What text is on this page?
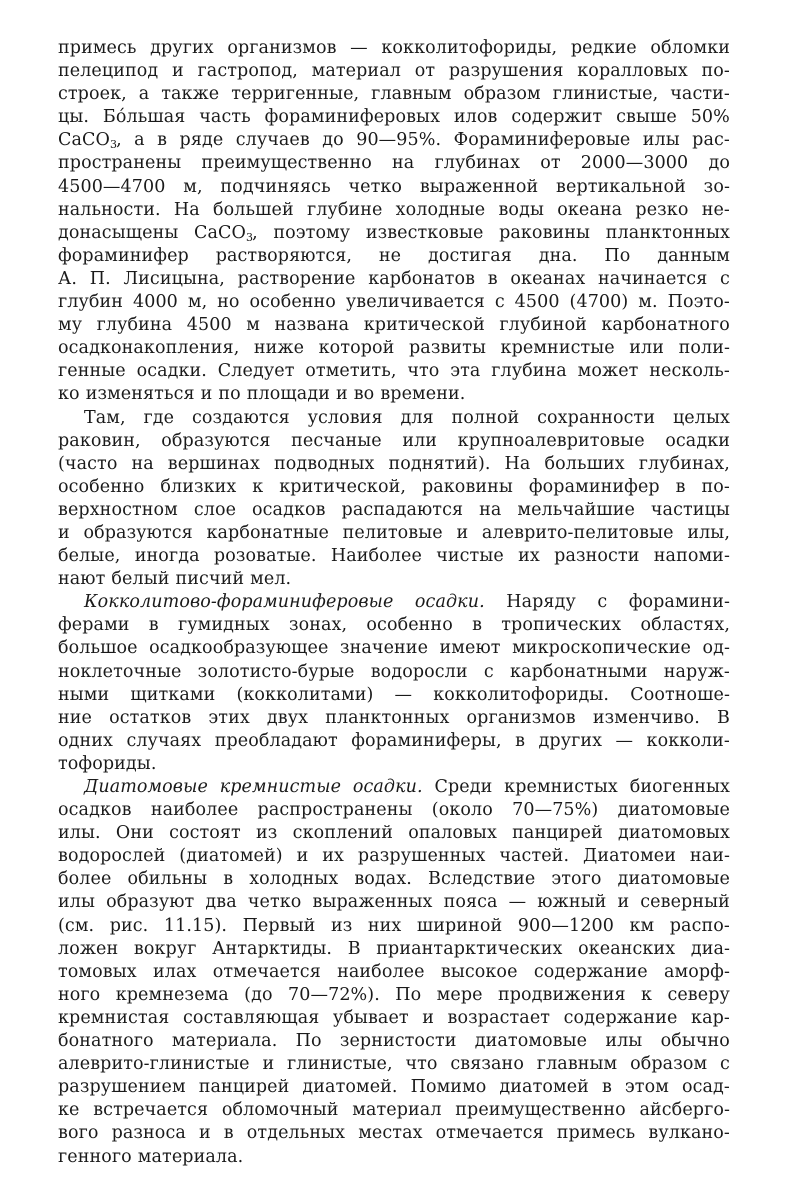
примесь других организмов — кокколитофориды, редкие обломки
пелеципод и гастропод, материал от разрушения коралловых по-
строек, а также терригенные, главным образом глинистые, части-
цы. Бо́льшая часть фораминиферовых илов содержит свыше 50%
CaCO$_3$, а в ряде случаев до 90—95%. Фораминиферовые илы рас-
пространены преимущественно на глубинах от 2000—3000 до
4500—4700 м, подчиняясь четко выраженной вертикальной зо-
нальности. На большей глубине холодные воды океана резко не-
донасыщены CaCO$_3$, поэтому известковые раковины планктонных
фораминифер растворяются, не достигая дна. По данным
А. П. Лисицына, растворение карбонатов в океанах начинается с
глубин 4000 м, но особенно увеличивается с 4500 (4700) м. Поэто-
му глубина 4500 м названа критической глубиной карбонатного
осадконакопления, ниже которой развиты кремнистые или поли-
генные осадки. Следует отметить, что эта глубина может несколь-
ко изменяться и по площади и во времени.
Там, где создаются условия для полной сохранности целых
раковин, образуются песчаные или крупноалевритовые осадки
(часто на вершинах подводных поднятий). На больших глубинах,
особенно близких к критической, раковины фораминифер в по-
верхностном слое осадков распадаются на мельчайшие частицы
и образуются карбонатные пелитовые и алеврито-пелитовые илы,
белые, иногда розоватые. Наиболее чистые их разности напоми-
нают белый писчий мел.
Кокколитово-фораминиферовые осадки. Наряду с форамини-
ферами в гумидных зонах, особенно в тропических областях,
большое осадкообразующее значение имеют микроскопические од-
ноклеточные золотисто-бурые водоросли с карбонатными наруж-
ными щитками (кокколитами) — кокколитофориды. Соотноше-
ние остатков этих двух планктонных организмов изменчиво. В
одних случаях преобладают фораминиферы, в других — кокколи-
тофориды.
Диатомовые кремнистые осадки. Среди кремнистых биогенных
осадков наиболее распространены (около 70—75%) диатомовые
илы. Они состоят из скоплений опаловых панцирей диатомовых
водорослей (диатомей) и их разрушенных частей. Диатомеи наи-
более обильны в холодных водах. Вследствие этого диатомовые
илы образуют два четко выраженных пояса — южный и северный
(см. рис. 11.15). Первый из них шириной 900—1200 км распо-
ложен вокруг Антарктиды. В приантарктических океанских диа-
томовых илах отмечается наиболее высокое содержание аморф-
ного кремнезема (до 70—72%). По мере продвижения к северу
кремнистая составляющая убывает и возрастает содержание кар-
бонатного материала. По зернистости диатомовые илы обычно
алеврито-глинистые и глинистые, что связано главным образом с
разрушением панцирей диатомей. Помимо диатомей в этом осад-
ке встречается обломочный материал преимущественно айсберго-
вого разноса и в отдельных местах отмечается примесь вулкано-
генного материала.
